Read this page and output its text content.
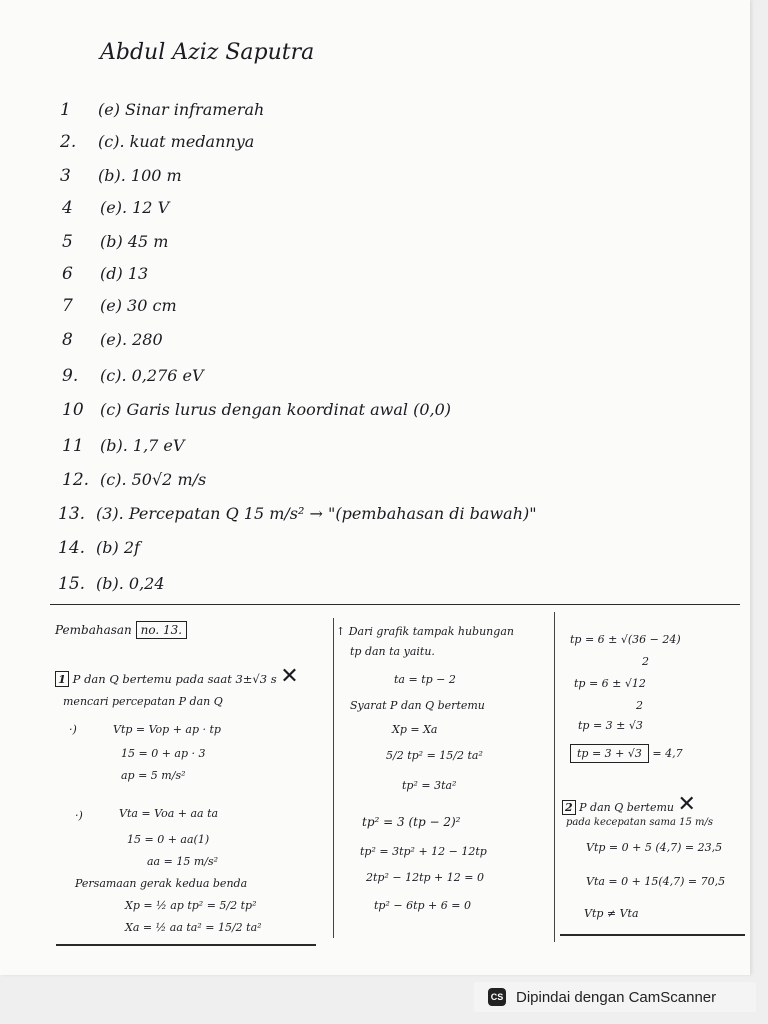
Abdul Aziz Saputra
1 (e) Sinar inframerah
2. (c). kuat medannya
3 (b). 100 m
4 (e). 12 V
5 (b) 45 m
6 (d) 13
7 (e) 30 cm
8 (e). 280
9. (c). 0,276 eV
10 (c) Garis lurus dengan koordinat awal (0,0)
11 (b). 1,7 eV
12. (c). 50√2 m/s
13. (3). Percepatan Q 15 m/s² → "(pembahasan di bawah)"
14. (b) 2f
15. (b). 0,24
Pembahasan no. 13.
1 P dan Q bertemu pada saat 3±√3 s ✕
mencari percepatan P dan Q
·)	Vtp = Vop + ap · tp
15 = 0 + ap · 3
ap = 5 m/s²
·)	Vta = Voa + aa ta
15 = 0 + aa(1)
aa = 15 m/s²
Persamaan gerak kedua benda
Xp = ½ ap tp² = 5/2 tp²
Xa = ½ aa ta² = 15/2 ta²
↑ Dari grafik tampak hubungan
tp dan ta yaitu.
ta = tp − 2
Syarat P dan Q bertemu
Xp = Xa
5/2 tp² = 15/2 ta²
tp² = 3ta²
tp² = 3 (tp − 2)²
tp² = 3tp² + 12 − 12tp
2tp² − 12tp + 12 = 0
tp² − 6tp + 6 = 0
tp = 6 ± √(36 − 24)
2
tp = 6 ± √12
2
tp = 3 ± √3
tp = 3 + √3 = 4,7
2 P dan Q bertemu ✕
pada kecepatan sama 15 m/s
Vtp = 0 + 5 (4,7) = 23,5
Vta = 0 + 15(4,7) = 70,5
Vtp ≠ Vta
CS Dipindai dengan CamScanner
